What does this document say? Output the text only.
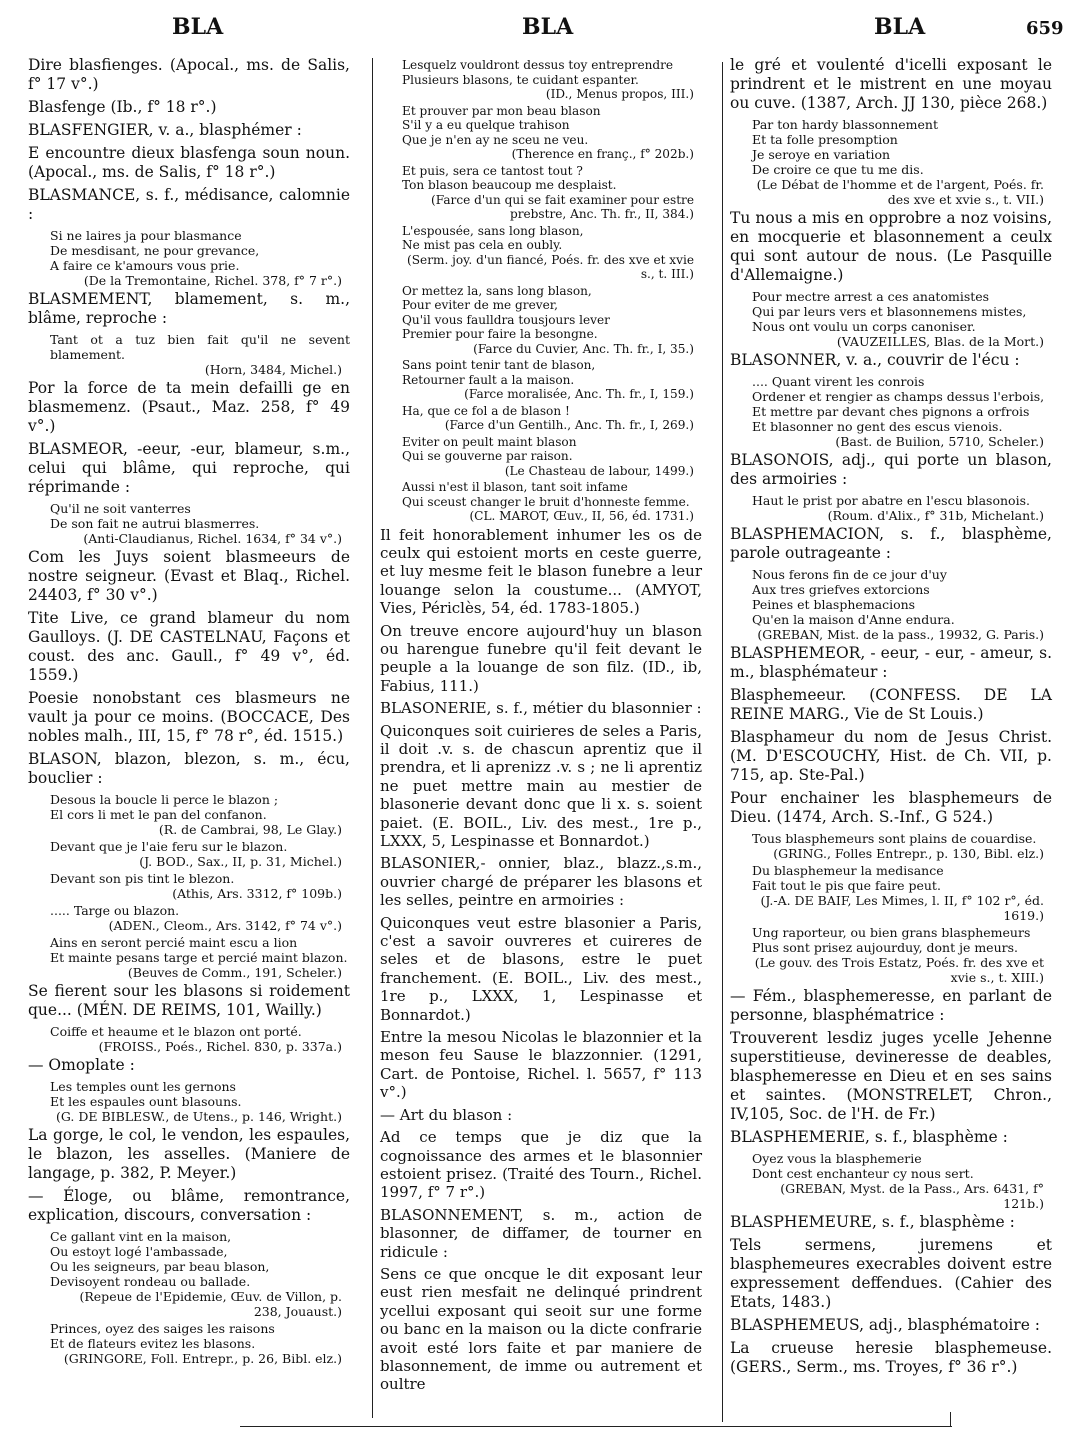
BLA	BLA	BLA	659

Dire blasfienges. (Apocal., ms. de Salis, f° 17 v°.)

Blasfenge (Ib., f° 18 r°.)

BLASFENGIER, v. a., blasphémer :

E encountre dieux blasfenga soun noun. (Apocal., ms. de Salis, f° 18 r°.)

BLASMANCE, s. f., médisance, calomnie :

Si ne laires ja pour blasmance
De mesdisant, ne pour grevance,
A faire ce k'amours vous prie.
(De la Tremontaine, Richel. 378, f° 7 r°.)

BLASMEMENT, blamement, s. m., blâme, reproche :

Tant ot a tuz bien fait qu'il ne sevent blamement.
(Horn, 3484, Michel.)

Por la force de ta mein defailli ge en blasmemenz. (Psaut., Maz. 258, f° 49 v°.)

BLASMEOR, -eeur, -eur, blameur, s.m., celui qui blâme, qui reproche, qui réprimande :

Qu'il ne soit vanterres
De son fait ne autrui blasmerres.
(Anti-Claudianus, Richel. 1634, f° 34 v°.)

Com les Juys soient blasmeeurs de nostre seigneur. (Evast et Blaq., Richel. 24403, f° 30 v°.)

Tite Live, ce grand blameur du nom Gaulloys. (J. DE CASTELNAU, Façons et coust. des anc. Gaull., f° 49 v°, éd. 1559.)

Poesie nonobstant ces blasmeurs ne vault ja pour ce moins. (BOCCACE, Des nobles malh., III, 15, f° 78 r°, éd. 1515.)

BLASON, blazon, blezon, s. m., écu, bouclier :

Desous la boucle li perce le blazon ;
El cors li met le pan del confanon.
(R. de Cambrai, 98, Le Glay.)
Devant que je l'aie feru sur le blazon.
(J. BOD., Sax., II, p. 31, Michel.)
Devant son pis tint le blezon.
(Athis, Ars. 3312, f° 109b.)
..... Targe ou blazon.
(ADEN., Cleom., Ars. 3142, f° 74 v°.)
Ains en seront percié maint escu a lion
Et mainte pesans targe et percié maint blazon.
(Beuves de Comm., 191, Scheler.)

Se fierent sour les blasons si roidement que... (MÉN. DE REIMS, 101, Wailly.)

Coiffe et heaume et le blazon ont porté.
(FROISS., Poés., Richel. 830, p. 337a.)

— Omoplate :

Les temples ount les gernons
Et les espaules ount blasouns.
(G. DE BIBLESW., de Utens., p. 146, Wright.)

La gorge, le col, le vendon, les espaules, le blazon, les asselles. (Maniere de langage, p. 382, P. Meyer.)

— Éloge, ou blâme, remontrance, explication, discours, conversation :

Ce gallant vint en la maison,
Ou estoyt logé l'ambassade,
Ou les seigneurs, par beau blason,
Devisoyent rondeau ou ballade.
(Repeue de l'Epidemie, Œuv. de Villon, p. 238, Jouaust.)
Princes, oyez des saiges les raisons
Et de flateurs evitez les blasons.
(GRINGORE, Foll. Entrepr., p. 26, Bibl. elz.)
Lesquelz vouldront dessus toy entreprendre
Plusieurs blasons, te cuidant espanter.
(ID., Menus propos, III.)
Et prouver par mon beau blason
S'il y a eu quelque trahison
Que je n'en ay ne sceu ne veu.
(Therence en franç., f° 202b.)
Et puis, sera ce tantost tout ?
Ton blason beaucoup me desplaist.
(Farce d'un qui se fait examiner pour estre prebstre, Anc. Th. fr., II, 384.)
L'espousée, sans long blason,
Ne mist pas cela en oubly.
(Serm. joy. d'un fiancé, Poés. fr. des xve et xvie s., t. III.)
Or mettez la, sans long blason,
Pour eviter de me grever,
Qu'il vous faulldra tousjours lever
Premier pour faire la besongne.
(Farce du Cuvier, Anc. Th. fr., I, 35.)
Sans point tenir tant de blason,
Retourner fault a la maison.
(Farce moralisée, Anc. Th. fr., I, 159.)
Ha, que ce fol a de blason !
(Farce d'un Gentilh., Anc. Th. fr., I, 269.)
Eviter on peult maint blason
Qui se gouverne par raison.
(Le Chasteau de labour, 1499.)
Aussi n'est il blason, tant soit infame
Qui sceust changer le bruit d'honneste femme.
(CL. MAROT, Œuv., II, 56, éd. 1731.)

Il feit honorablement inhumer les os de ceulx qui estoient morts en ceste guerre, et luy mesme feit le blason funebre a leur louange selon la coustume... (AMYOT, Vies, Périclès, 54, éd. 1783-1805.)

On treuve encore aujourd'huy un blason ou harengue funebre qu'il feit devant le peuple a la louange de son filz. (ID., ib, Fabius, 111.)

BLASONERIE, s. f., métier du blasonnier :

Quiconques soit cuirieres de seles a Paris, il doit .v. s. de chascun aprentiz que il prendra, et li aprenizz .v. s ; ne li aprentiz ne puet mettre main au mestier de blasonerie devant donc que li x. s. soient paiet. (E. BOIL., Liv. des mest., 1re p., LXXX, 5, Lespinasse et Bonnardot.)

BLASONIER,- onnier, blaz., blazz.,s.m., ouvrier chargé de préparer les blasons et les selles, peintre en armoiries :

Quiconques veut estre blasonier a Paris, c'est a savoir ouvreres et cuireres de seles et de blasons, estre le puet franchement. (E. BOIL., Liv. des mest., 1re p., LXXX, 1, Lespinasse et Bonnardot.)

Entre la mesou Nicolas le blazonnier et la meson feu Sause le blazzonnier. (1291, Cart. de Pontoise, Richel. l. 5657, f° 113 v°.)

— Art du blason :

Ad ce temps que je diz que la cognoissance des armes et le blasonnier estoient prisez. (Traité des Tourn., Richel. 1997, f° 7 r°.)

BLASONNEMENT, s. m., action de blasonner, de diffamer, de tourner en ridicule :

Sens ce que oncque le dit exposant leur eust rien mesfait ne delinqué prindrent ycellui exposant qui seoit sur une forme ou banc en la maison ou la dicte confrarie avoit esté lors faite et par maniere de blasonnement, de imme ou autrement et oultre

le gré et voulenté d'icelli exposant le prindrent et le mistrent en une moyau ou cuve. (1387, Arch. JJ 130, pièce 268.)

Par ton hardy blassonnement
Et ta folle presomption
Je seroye en variation
De croire ce que tu me dis.
(Le Débat de l'homme et de l'argent, Poés. fr. des xve et xvie s., t. VII.)

Tu nous a mis en opprobre a noz voisins, en mocquerie et blasonnement a ceulx qui sont autour de nous. (Le Pasquille d'Allemaigne.)

Pour mectre arrest a ces anatomistes
Qui par leurs vers et blasonnemens mistes,
Nous ont voulu un corps canoniser.
(VAUZEILLES, Blas. de la Mort.)

BLASONNER, v. a., couvrir de l'écu :

.... Quant virent les conrois
Ordener et rengier as champs dessus l'erbois,
Et mettre par devant ches pignons a orfrois
Et blasonner no gent des escus vienois.
(Bast. de Builion, 5710, Scheler.)

BLASONOIS, adj., qui porte un blason, des armoiries :

Haut le prist por abatre en l'escu blasonois.
(Roum. d'Alix., f° 31b, Michelant.)

BLASPHEMACION, s. f., blasphème, parole outrageante :

Nous ferons fin de ce jour d'uy
Aux tres griefves extorcions
Peines et blasphemacions
Qu'en la maison d'Anne endura.
(GREBAN, Mist. de la pass., 19932, G. Paris.)

BLASPHEMEOR, - eeur, - eur, - ameur, s. m., blasphémateur :

Blasphemeeur. (CONFESS. DE LA REINE MARG., Vie de St Louis.)

Blasphameur du nom de Jesus Christ. (M. D'ESCOUCHY, Hist. de Ch. VII, p. 715, ap. Ste-Pal.)

Pour enchainer les blasphemeurs de Dieu. (1474, Arch. S.-Inf., G 524.)

Tous blasphemeurs sont plains de couardise.
(GRING., Folles Entrepr., p. 130, Bibl. elz.)
Du blasphemeur la medisance
Fait tout le pis que faire peut.
(J.-A. DE BAIF, Les Mimes, l. II, f° 102 r°, éd. 1619.)
Ung raporteur, ou bien grans blasphemeurs
Plus sont prisez aujourduy, dont je meurs.
(Le gouv. des Trois Estatz, Poés. fr. des xve et xvie s., t. XIII.)

— Fém., blasphemeresse, en parlant de personne, blasphématrice :

Trouverent lesdiz juges ycelle Jehenne superstitieuse, devineresse de deables, blasphemeresse en Dieu et en ses sains et saintes. (MONSTRELET, Chron., IV,105, Soc. de l'H. de Fr.)

BLASPHEMERIE, s. f., blasphème :

Oyez vous la blasphemerie
Dont cest enchanteur cy nous sert.
(GREBAN, Myst. de la Pass., Ars. 6431, f° 121b.)

BLASPHEMEURE, s. f., blasphème :

Tels sermens, juremens et blasphemeures execrables doivent estre expressement deffendues. (Cahier des Etats, 1483.)

BLASPHEMEUS, adj., blasphématoire :

La crueuse heresie blasphemeuse. (GERS., Serm., ms. Troyes, f° 36 r°.)
